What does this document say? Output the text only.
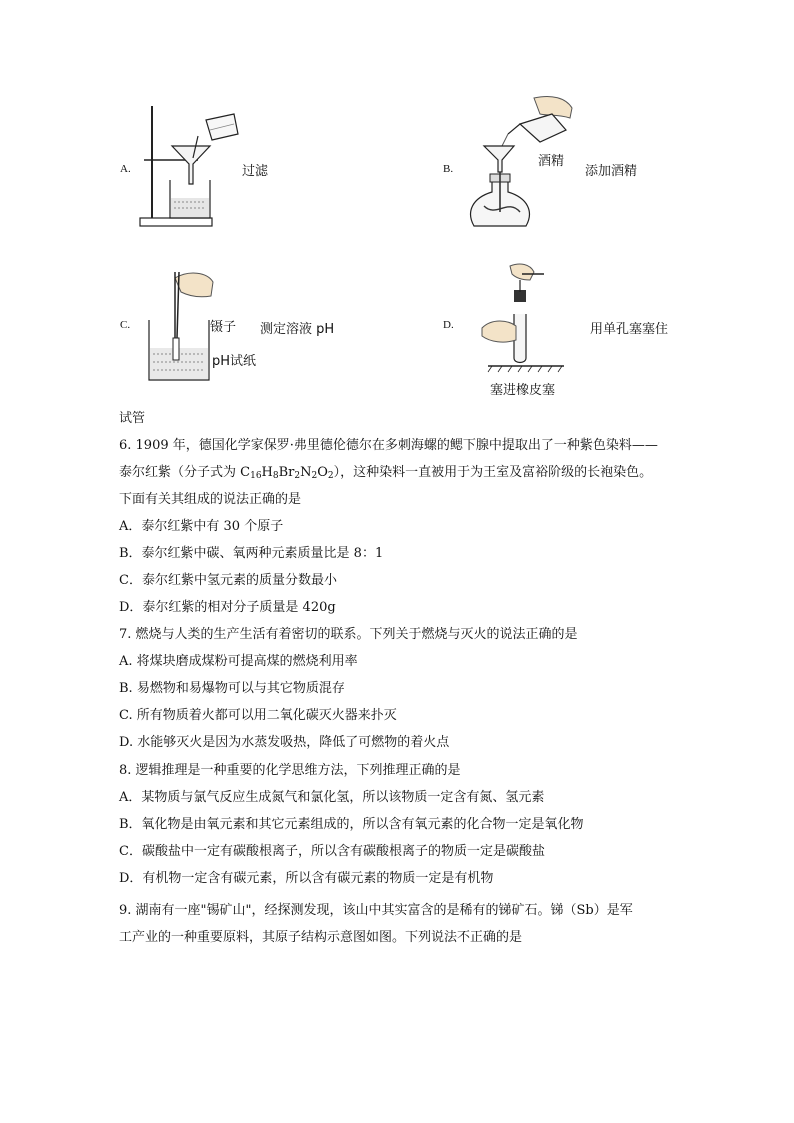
A.	过滤	B.	酒精
添加酒精
C.	镊子
pH试纸
测定溶液 pH	D.	用单孔塞塞住
塞进橡皮塞
试管
6. 1909 年，德国化学家保罗·弗里德伦德尔在多刺海螺的鳃下腺中提取出了一种紫色染料——
泰尔红紫（分子式为 $C_{16}H_8Br_2N_2O_2$），这种染料一直被用于为王室及富裕阶级的长袍染色。
下面有关其组成的说法正确的是
A．泰尔红紫中有 30 个原子
B．泰尔红紫中碳、氧两种元素质量比是 8：1
C．泰尔红紫中氢元素的质量分数最小
D．泰尔红紫的相对分子质量是 420g
7. 燃烧与人类的生产生活有着密切的联系。下列关于燃烧与灭火的说法正确的是
A. 将煤块磨成煤粉可提高煤的燃烧利用率
B. 易燃物和易爆物可以与其它物质混存
C. 所有物质着火都可以用二氧化碳灭火器来扑灭
D. 水能够灭火是因为水蒸发吸热，降低了可燃物的着火点
8. 逻辑推理是一种重要的化学思维方法，下列推理正确的是
A．某物质与氯气反应生成氮气和氯化氢，所以该物质一定含有氮、氢元素
B．氧化物是由氧元素和其它元素组成的，所以含有氧元素的化合物一定是氧化物
C．碳酸盐中一定有碳酸根离子，所以含有碳酸根离子的物质一定是碳酸盐
D．有机物一定含有碳元素，所以含有碳元素的物质一定是有机物
9. 湖南有一座"锡矿山"，经探测发现，该山中其实富含的是稀有的锑矿石。锑（Sb）是军
工产业的一种重要原料，其原子结构示意图如图。下列说法不正确的是
